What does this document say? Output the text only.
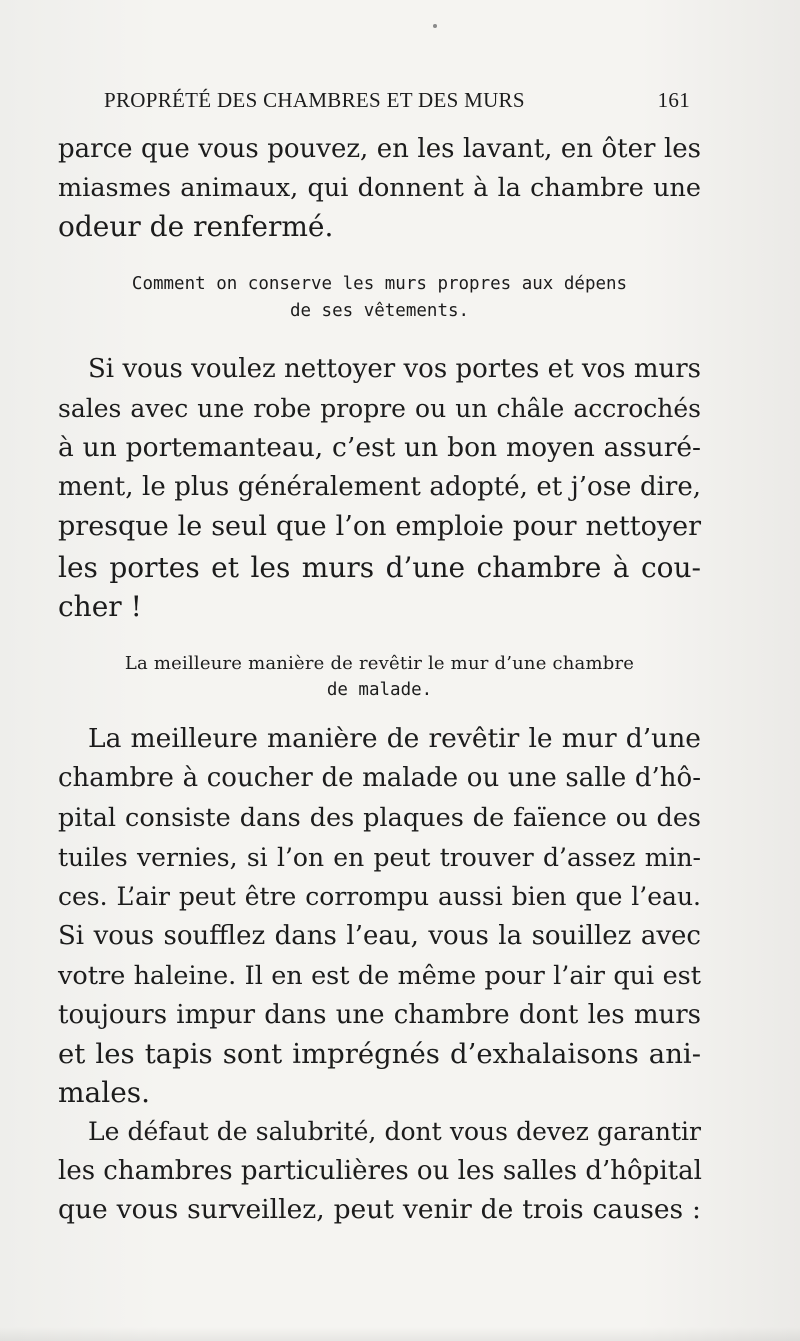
PROPRÉTÉ DES CHAMBRES ET DES MURS	161
parce que vous pouvez, en les lavant, en ôter les
miasmes animaux, qui donnent à la chambre une
odeur de renfermé.
Comment on conserve les murs propres aux dépens
de ses vêtements.
Si vous voulez nettoyer vos portes et vos murs
sales avec une robe propre ou un châle accrochés
à un portemanteau, c’est un bon moyen assuré-
ment, le plus généralement adopté, et j’ose dire,
presque le seul que l’on emploie pour nettoyer
les portes et les murs d’une chambre à cou-
cher !
La meilleure manière de revêtir le mur d’une chambre
de malade.
La meilleure manière de revêtir le mur d’une
chambre à coucher de malade ou une salle d’hô-
pital consiste dans des plaques de faïence ou des
tuiles vernies, si l’on en peut trouver d’assez min-
ces. L’air peut être corrompu aussi bien que l’eau.
Si vous soufflez dans l’eau, vous la souillez avec
votre haleine. Il en est de même pour l’air qui est
toujours impur dans une chambre dont les murs
et les tapis sont imprégnés d’exhalaisons ani-
males.
Le défaut de salubrité, dont vous devez garantir
les chambres particulières ou les salles d’hôpital
que vous surveillez, peut venir de trois causes :
